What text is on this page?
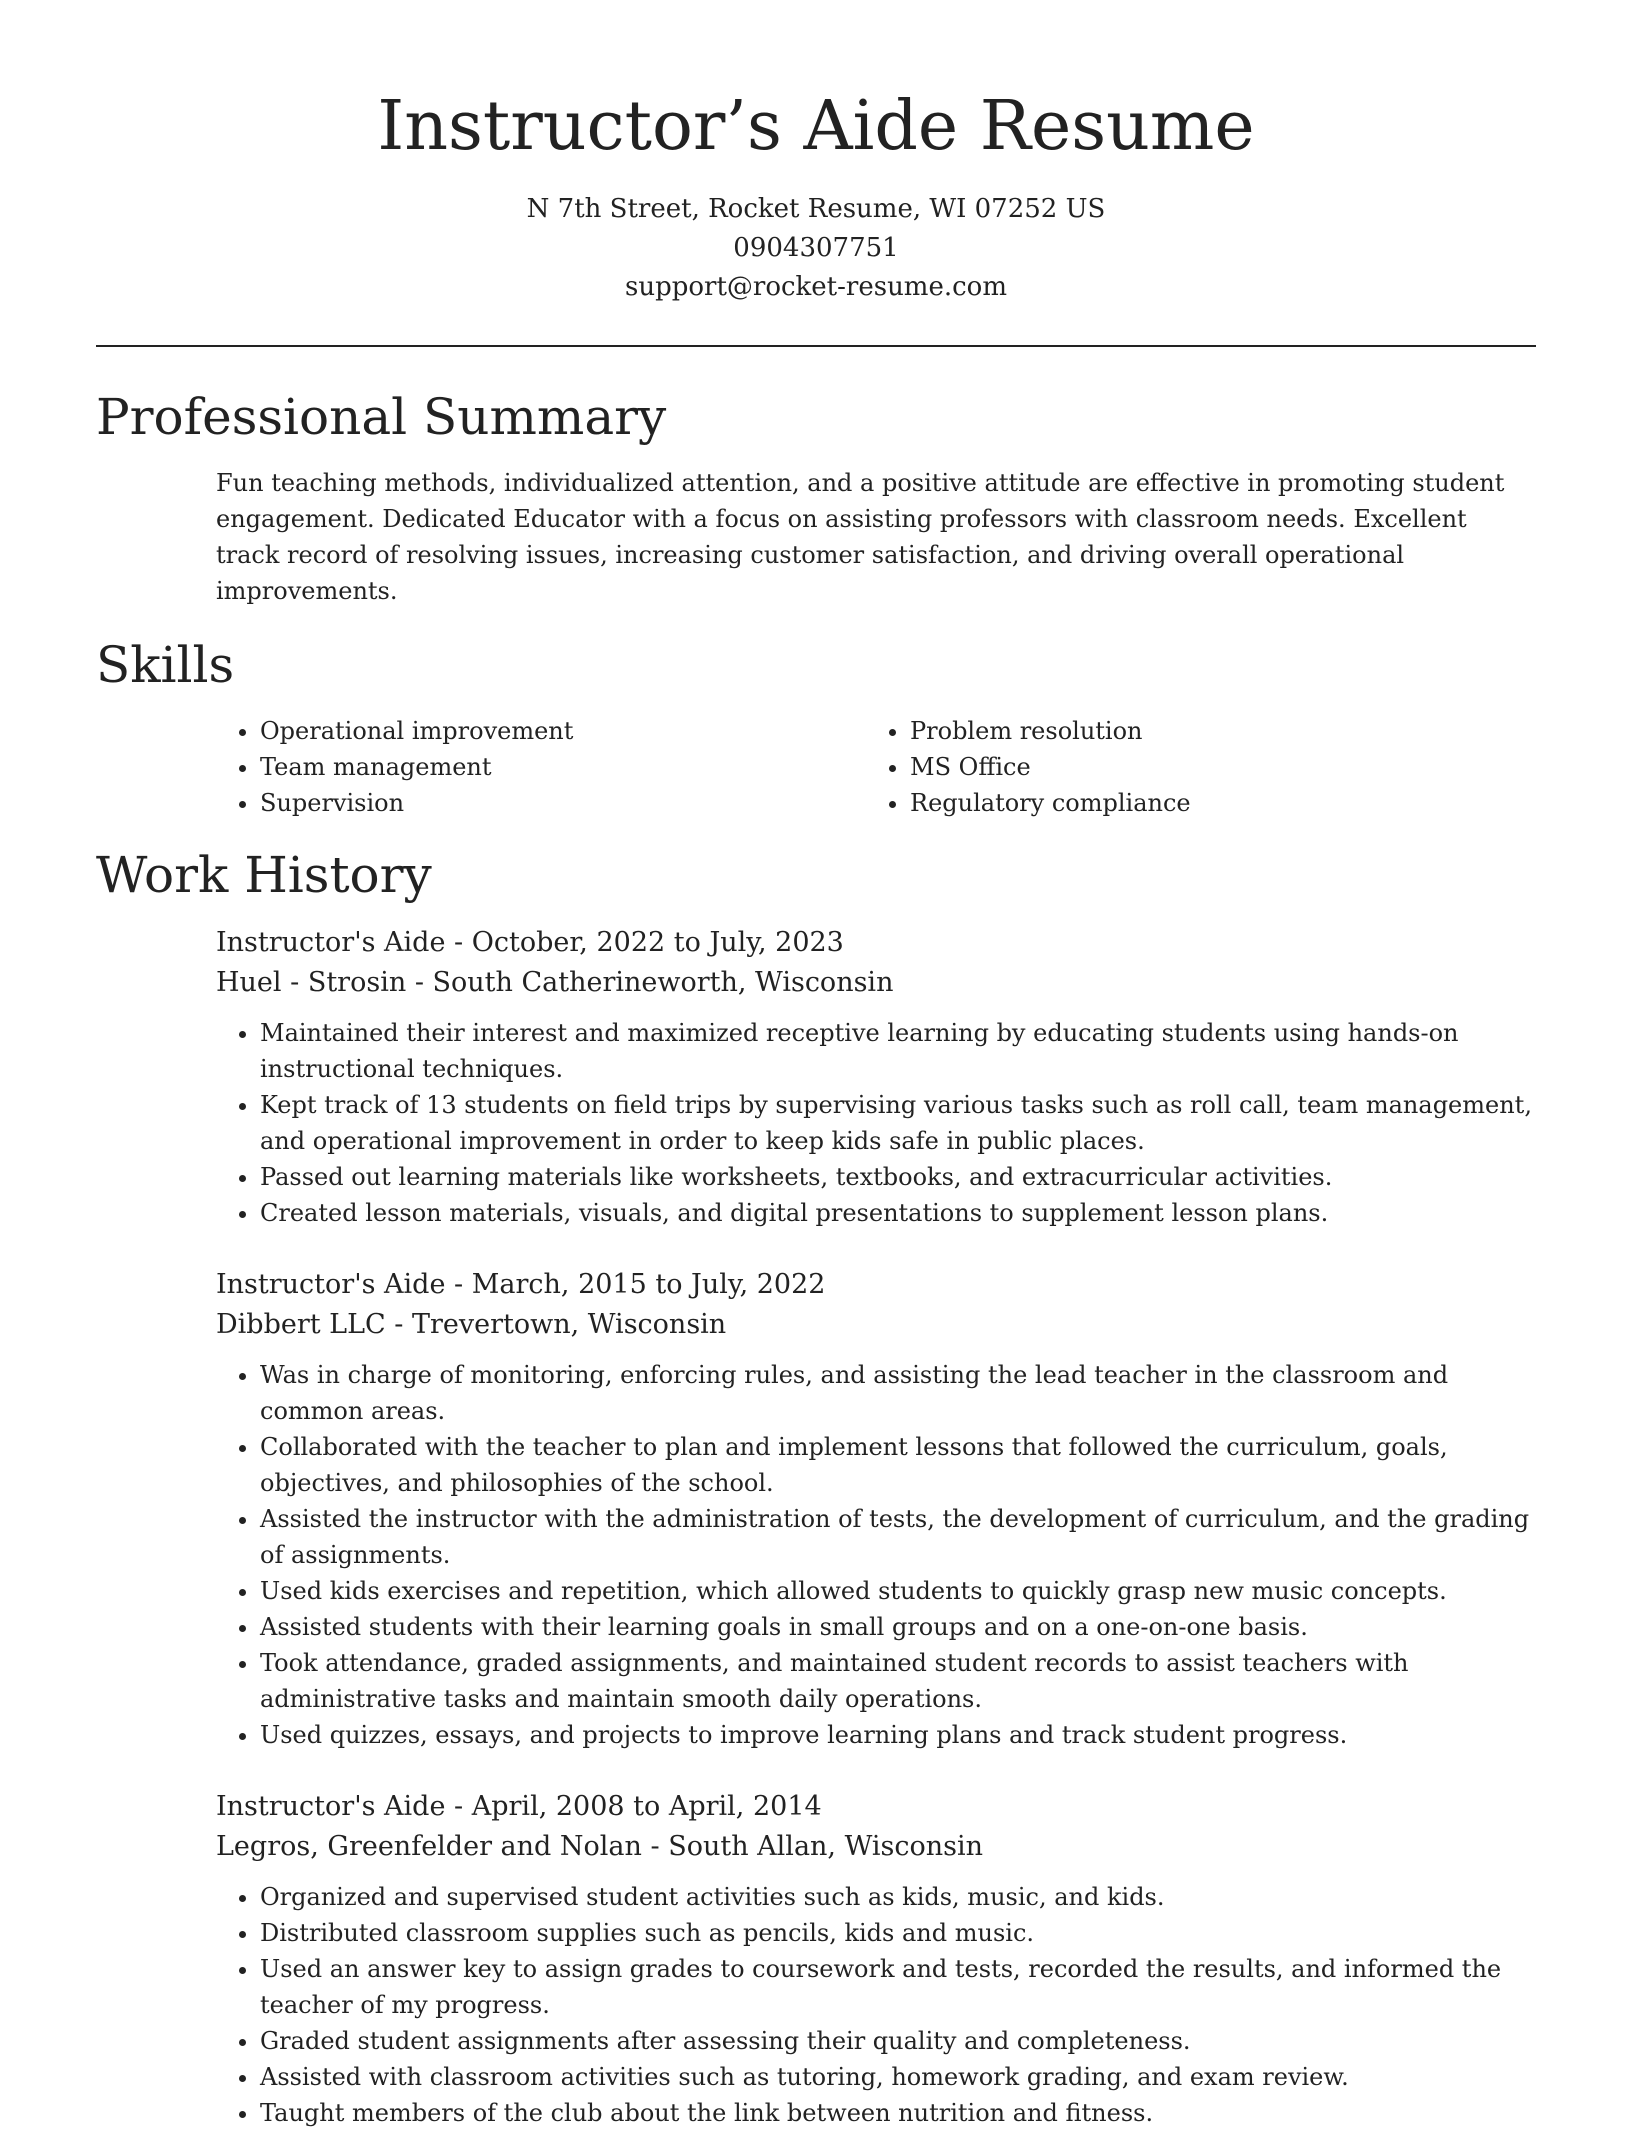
Instructor’s Aide Resume
N 7th Street, Rocket Resume, WI 07252 US
0904307751
support@rocket-resume.com
Professional Summary

Fun teaching methods, individualized attention, and a positive attitude are effective in promoting student engagement. Dedicated Educator with a focus on assisting professors with classroom needs. Excellent track record of resolving issues, increasing customer satisfaction, and driving overall operational improvements.

Skills
• Operational improvement
• Team management
• Supervision
• Problem resolution
• MS Office
• Regulatory compliance
Work History
Instructor's Aide - October, 2022 to July, 2023
Huel - Strosin - South Catherineworth, Wisconsin
• Maintained their interest and maximized receptive learning by educating students using hands-on instructional techniques.
• Kept track of 13 students on field trips by supervising various tasks such as roll call, team management, and operational improvement in order to keep kids safe in public places.
• Passed out learning materials like worksheets, textbooks, and extracurricular activities.
• Created lesson materials, visuals, and digital presentations to supplement lesson plans.
Instructor's Aide - March, 2015 to July, 2022
Dibbert LLC - Trevertown, Wisconsin
• Was in charge of monitoring, enforcing rules, and assisting the lead teacher in the classroom and common areas.
• Collaborated with the teacher to plan and implement lessons that followed the curriculum, goals, objectives, and philosophies of the school.
• Assisted the instructor with the administration of tests, the development of curriculum, and the grading of assignments.
• Used kids exercises and repetition, which allowed students to quickly grasp new music concepts.
• Assisted students with their learning goals in small groups and on a one-on-one basis.
• Took attendance, graded assignments, and maintained student records to assist teachers with administrative tasks and maintain smooth daily operations.
• Used quizzes, essays, and projects to improve learning plans and track student progress.
Instructor's Aide - April, 2008 to April, 2014
Legros, Greenfelder and Nolan - South Allan, Wisconsin
• Organized and supervised student activities such as kids, music, and kids.
• Distributed classroom supplies such as pencils, kids and music.
• Used an answer key to assign grades to coursework and tests, recorded the results, and informed the teacher of my progress.
• Graded student assignments after assessing their quality and completeness.
• Assisted with classroom activities such as tutoring, homework grading, and exam review.
• Taught members of the club about the link between nutrition and fitness.
